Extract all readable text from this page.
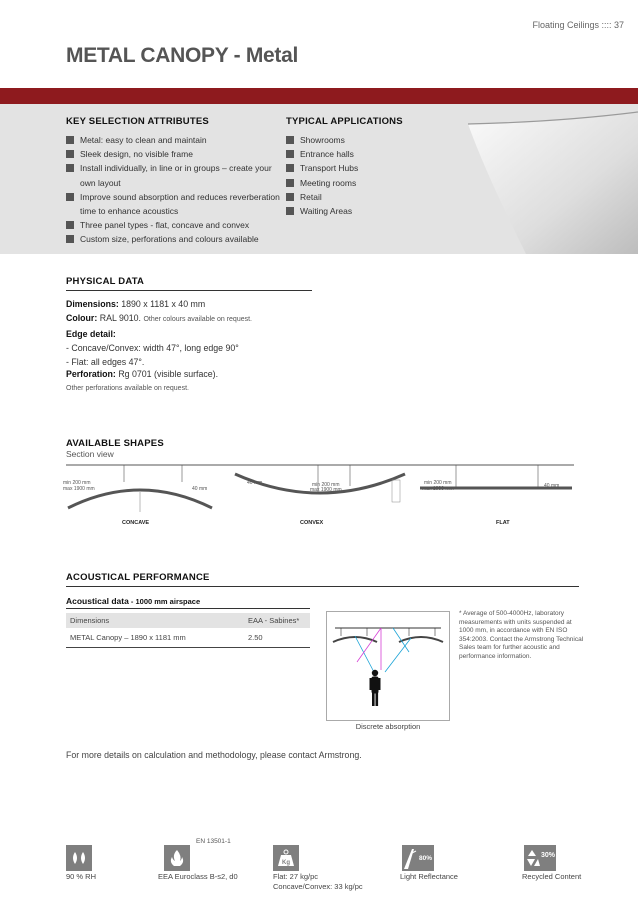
Floating Ceilings :::: 37
METAL CANOPY - Metal
KEY SELECTION ATTRIBUTES
Metal: easy to clean and maintain
Sleek design, no visible frame
Install individually, in line or in groups – create your own layout
Improve sound absorption and reduces reverberation time to enhance acoustics
Three panel types - flat, concave and convex
Custom size, perforations and colours available
TYPICAL APPLICATIONS
Showrooms
Entrance halls
Transport Hubs
Meeting rooms
Retail
Waiting Areas
PHYSICAL DATA
Dimensions: 1890 x 1181 x 40 mm
Colour: RAL 9010. Other colours available on request.
Edge detail:
- Concave/Convex: width 47°, long edge 90°
- Flat: all edges 47°.
Perforation: Rg 0701 (visible surface).
Other perforations available on request.
AVAILABLE SHAPES
Section view
min 200 mm
max 1900 mm	40 mm
CONCAVE
40 mm	min 200 mm
max 1900 mm
CONVEX
min 200 mm
max 1900 mm	40 mm
FLAT
ACOUSTICAL PERFORMANCE
Acoustical data - 1000 mm airspace
Dimensions	EAA - Sabines*
METAL Canopy – 1890 x 1181 mm	2.50
Discrete absorption
* Average of 500-4000Hz, laboratory measurements with units suspended at 1000 mm, in accordance with EN ISO 354:2003. Contact the Armstrong Technical Sales team for further acoustic and performance information.
For more details on calculation and methodology, please contact Armstrong.
EN 13501-1
90 % RH	EEA Euroclass B-s2, d0
Kg
Flat: 27 kg/pc
Concave/Convex: 33 kg/pc
80%
Light Reflectance
30%
Recycled Content
